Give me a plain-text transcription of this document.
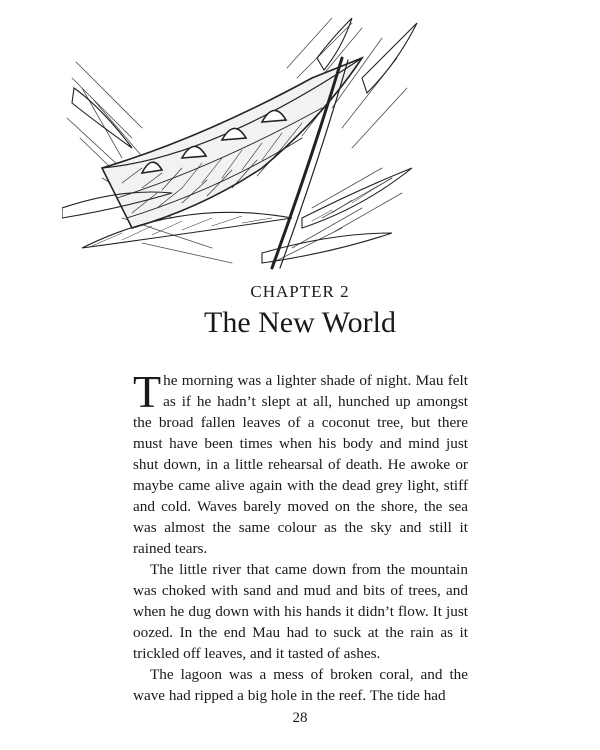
CHAPTER 2
The New World

The morning was a lighter shade of night. Mau felt as if he hadn’t slept at all, hunched up amongst the broad fallen leaves of a coconut tree, but there must have been times when his body and mind just shut down, in a little rehearsal of death. He awoke or maybe came alive again with the dead grey light, stiff and cold. Waves barely moved on the shore, the sea was almost the same colour as the sky and still it rained tears.

The little river that came down from the mountain was choked with sand and mud and bits of trees, and when he dug down with his hands it didn’t flow. It just oozed. In the end Mau had to suck at the rain as it trickled off leaves, and it tasted of ashes.

The lagoon was a mess of broken coral, and the wave had ripped a big hole in the reef. The tide had

28
